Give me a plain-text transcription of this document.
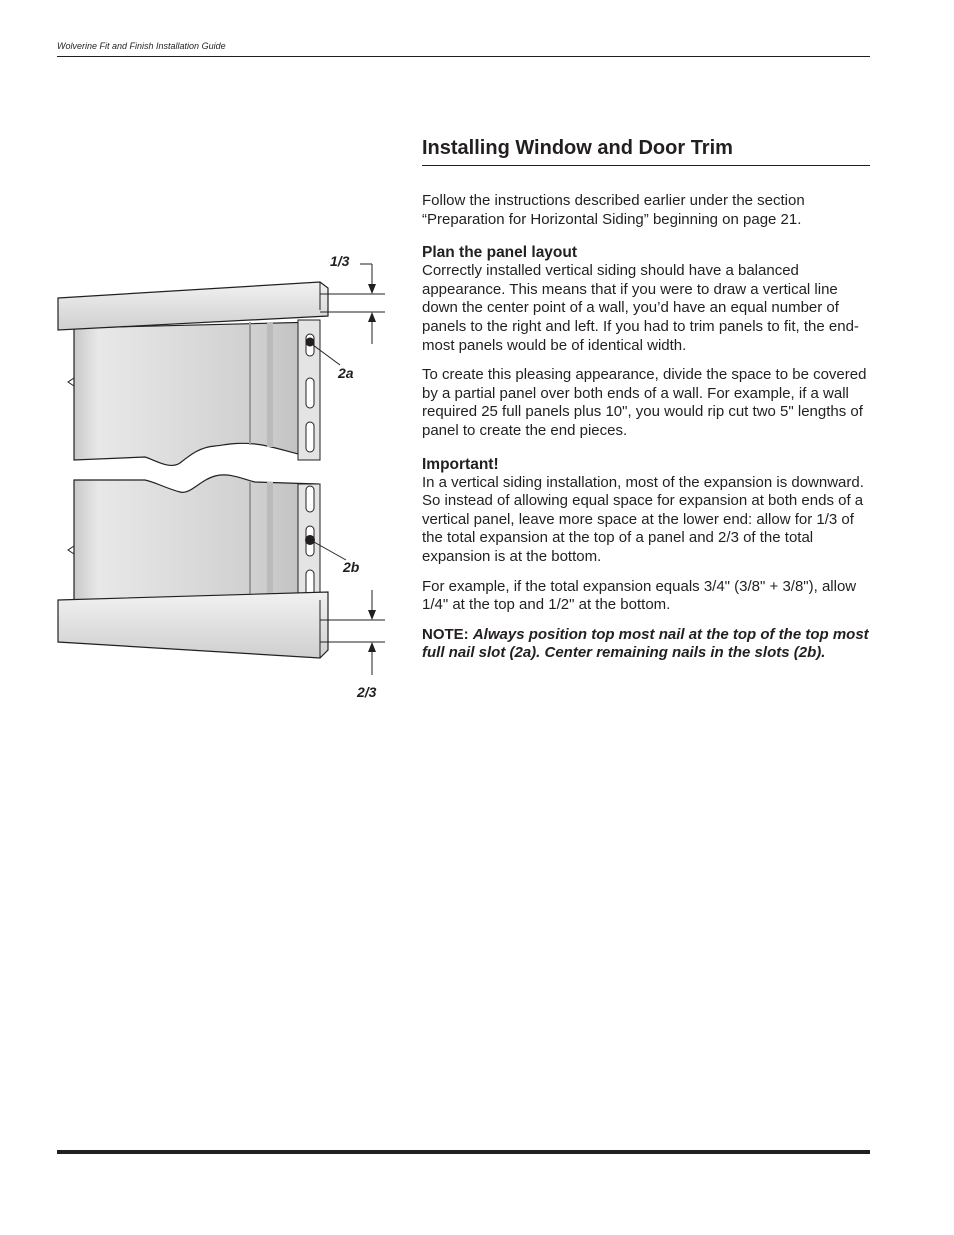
Wolverine Fit and Finish Installation Guide
1/3
2a
2b
2/3
Installing Window and Door Trim

Follow the instructions described earlier under the section “Preparation for Horizontal Siding” beginning on page 21.

Plan the panel layout

Correctly installed vertical siding should have a balanced appearance. This means that if you were to draw a vertical line down the center point of a wall, you’d have an equal number of panels to the right and left. If you had to trim panels to fit, the end-most panels would be of identical width.

To create this pleasing appearance, divide the space to be covered by a partial panel over both ends of a wall. For example, if a wall required 25 full panels plus 10", you would rip cut two 5" lengths of panel to create the end pieces.

Important!

In a vertical siding installation, most of the expansion is downward. So instead of allowing equal space for expansion at both ends of a vertical panel, leave more space at the lower end: allow for 1/3 of the total expansion at the top of a panel and 2/3 of the total expansion is at the bottom.

For example, if the total expansion equals 3/4" (3/8" + 3/8"), allow 1/4" at the top and 1/2" at the bottom.

NOTE: Always position top most nail at the top of the top most full nail slot (2a). Center remaining nails in the slots (2b).
